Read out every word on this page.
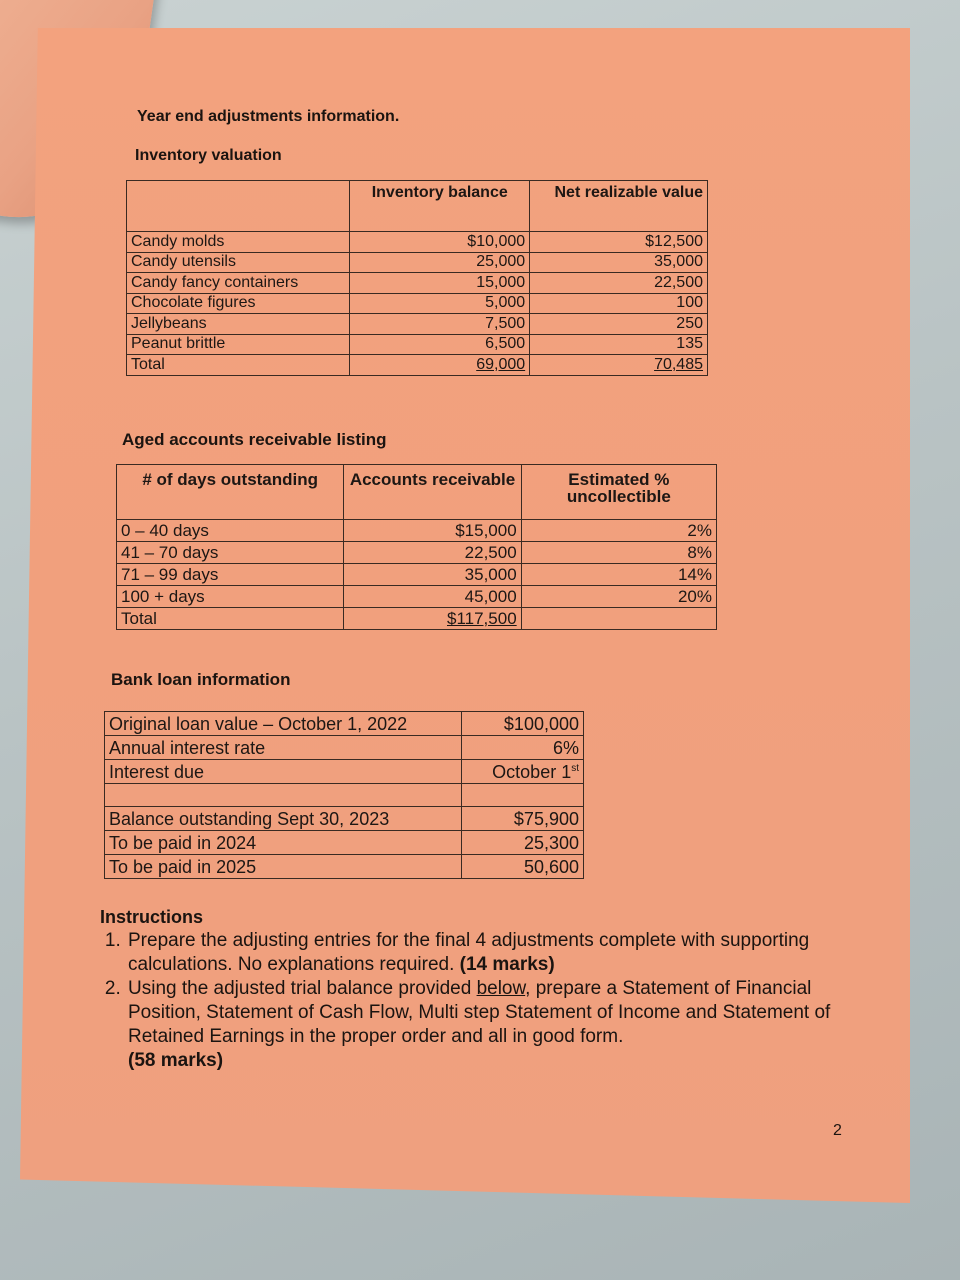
Year end adjustments information.

Inventory valuation

	Inventory balance	Net realizable value
Candy molds	$10,000	$12,500
Candy utensils	25,000	35,000
Candy fancy containers	15,000	22,500
Chocolate figures	5,000	100
Jellybeans	7,500	250
Peanut brittle	6,500	135
Total	69,000	70,485

Aged accounts receivable listing

# of days outstanding	Accounts receivable	Estimated % uncollectible
0 – 40 days	$15,000	2%
41 – 70 days	22,500	8%
71 – 99 days	35,000	14%
100 + days	45,000	20%
Total	$117,500	

Bank loan information

Original loan value – October 1, 2022	$100,000
Annual interest rate	6%
Interest due	October 1st

Balance outstanding Sept 30, 2023	$75,900
To be paid in 2024	25,300
To be paid in 2025	50,600

Instructions

1. Prepare the adjusting entries for the final 4 adjustments complete with supporting calculations. No explanations required. (14 marks)
2. Using the adjusted trial balance provided below, prepare a Statement of Financial Position, Statement of Cash Flow, Multi step Statement of Income and Statement of Retained Earnings in the proper order and all in good form.
(58 marks)
2
